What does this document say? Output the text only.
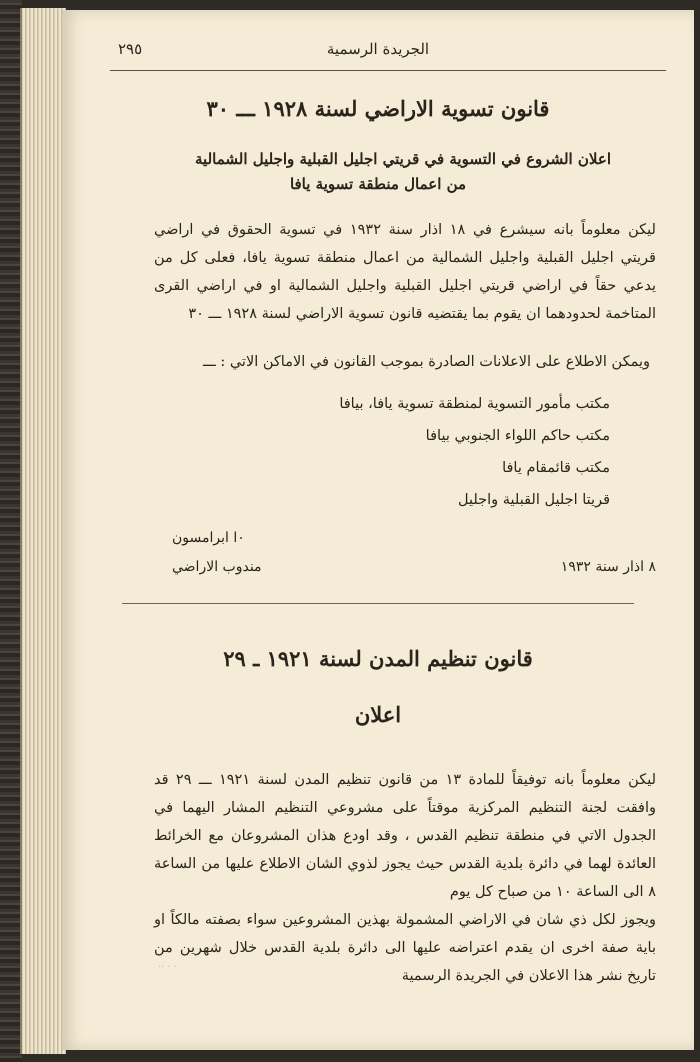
٢٩٥	الجريدة الرسمية
قانون تسوية الاراضي لسنة ١٩٢٨ ـــ ٣٠
اعلان الشروع في التسوية في قريتي اجليل القبلية واجليل الشمالية
من اعمال منطقة تسوية يافا
ليكن معلوماً بانه سيشرع في ١٨ اذار سنة ١٩٣٢ في تسوية الحقوق في اراضي قريتي اجليل القبلية واجليل الشمالية من اعمال منطقة تسوية يافا، فعلى كل من يدعي حقاً في اراضي قريتي اجليل القبلية واجليل الشمالية او في اراضي القرى المتاخمة لحدودهما ان يقوم بما يقتضيه قانون تسوية الاراضي لسنة ١٩٢٨ ـــ ٣٠
ويمكن الاطلاع على الاعلانات الصادرة بموجب القانون في الاماكن الاتي : ـــ
مكتب مأمور التسوية لمنطقة تسوية يافا، بيافا
مكتب حاكم اللواء الجنوبي بيافا
مكتب قائمقام يافا
قريتا اجليل القبلية واجليل
٠ا ابرامسون
مندوب الاراضي	٨ اذار سنة ١٩٣٢
قانون تنظيم المدن لسنة ١٩٢١ ـ ٢٩
اعلان
ليكن معلوماً بانه توفيقاً للمادة ١٣ من قانون تنظيم المدن لسنة ١٩٢١ ـــ ٢٩ قد وافقت لجنة التنظيم المركزية موقتاً على مشروعي التنظيم المشار اليهما في الجدول الاتي في منطقة تنظيم القدس ، وقد اودع هذان المشروعان مع الخرائط العائدة لهما في دائرة بلدية القدس حيث يجوز لذوي الشان الاطلاع عليها من الساعة ٨ الى الساعة ١٠ من صباح كل يوم
ويجوز لكل ذي شان في الاراضي المشمولة بهذين المشروعين سواء بصفته مالكاً او باية صفة اخرى ان يقدم اعتراضه عليها الى دائرة بلدية القدس خلال شهرين من تاريخ نشر هذا الاعلان في الجريدة الرسمية
·· · ·
